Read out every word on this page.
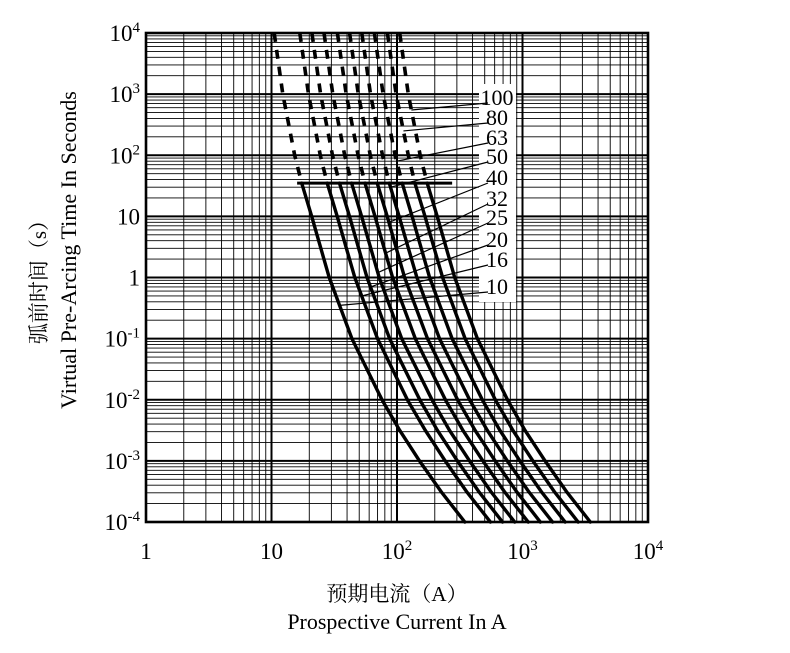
100
80
63
50
40
32
25
20
16
10
1	10	$10^2$	$10^3$	$10^4$
$10^4$
$10^3$
$10^2$
10
1
$10^{-1}$
$10^{-2}$
$10^{-3}$
$10^{-4}$
预期电流（A）
Prospective Current In A
弧前时间（s） Virtual Pre-Arcing Time In Seconds
